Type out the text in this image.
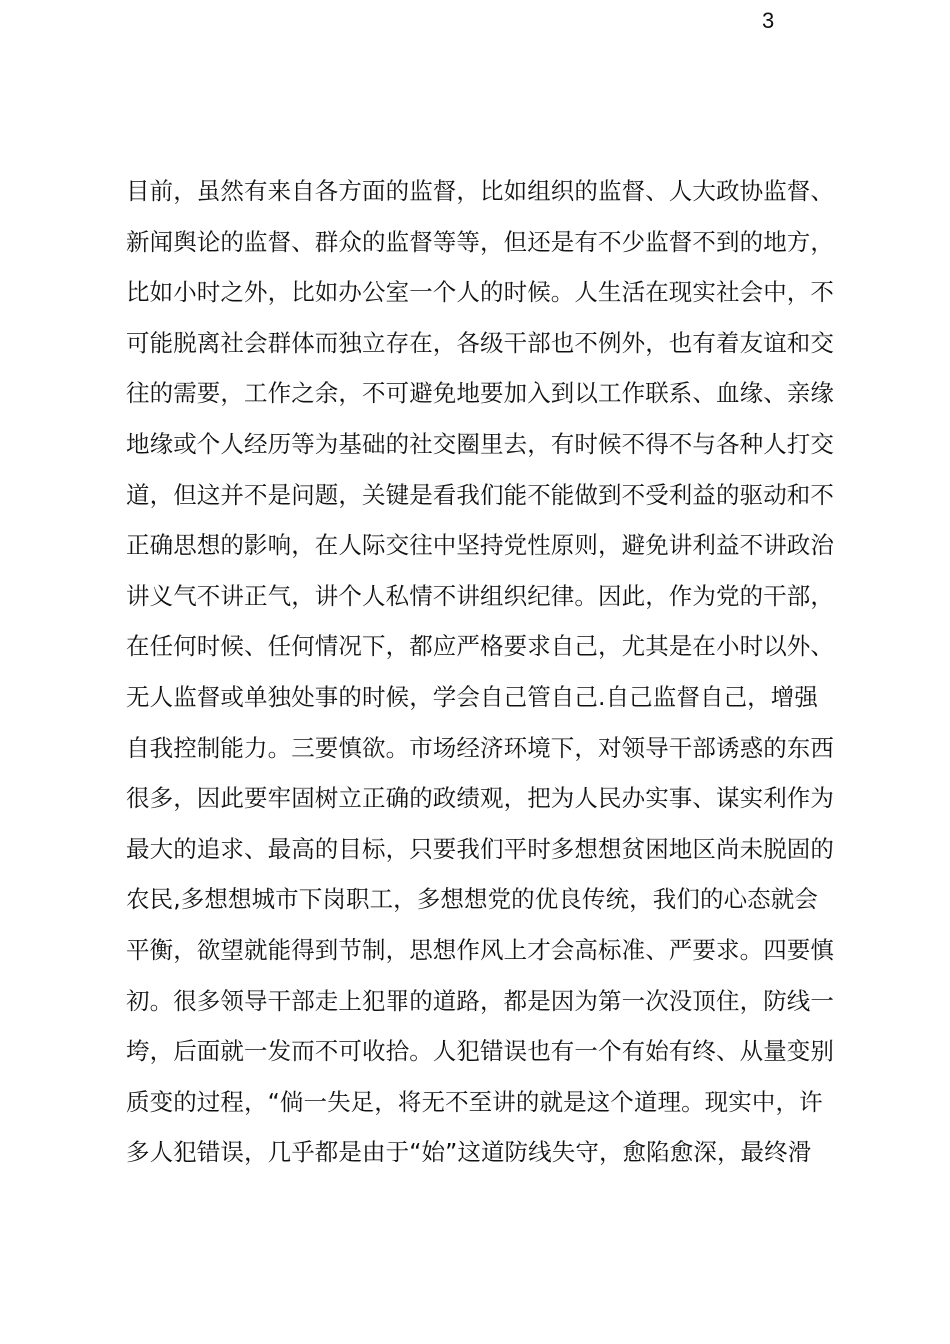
3
目前，虽然有来自各方面的监督，比如组织的监督、人大政协监督、
新闻舆论的监督、群众的监督等等，但还是有不少监督不到的地方，
比如小时之外，比如办公室一个人的时候。人生活在现实社会中，不
可能脱离社会群体而独立存在，各级干部也不例外，也有着友谊和交
往的需要，工作之余，不可避免地要加入到以工作联系、血缘、亲缘
地缘或个人经历等为基础的社交圈里去，有时候不得不与各种人打交
道，但这并不是问题，关键是看我们能不能做到不受利益的驱动和不
正确思想的影响，在人际交往中坚持党性原则，避免讲利益不讲政治
讲义气不讲正气，讲个人私情不讲组织纪律。因此，作为党的干部，
在任何时候、任何情况下，都应严格要求自己，尤其是在小时以外、
无人监督或单独处事的时候，学会自己管自己.自己监督自己，增强
自我控制能力。三要慎欲。市场经济环境下，对领导干部诱惑的东西
很多，因此要牢固树立正确的政绩观，把为人民办实事、谋实利作为
最大的追求、最高的目标，只要我们平时多想想贫困地区尚未脱固的
农民,多想想城市下岗职工，多想想党的优良传统，我们的心态就会
平衡，欲望就能得到节制，思想作风上才会高标准、严要求。四要慎
初。很多领导干部走上犯罪的道路，都是因为第一次没顶住，防线一
垮，后面就一发而不可收拾。人犯错误也有一个有始有终、从量变别
质变的过程，“倘一失足，将无不至讲的就是这个道理。现实中，许
多人犯错误，几乎都是由于“始”这道防线失守，愈陷愈深，最终滑
